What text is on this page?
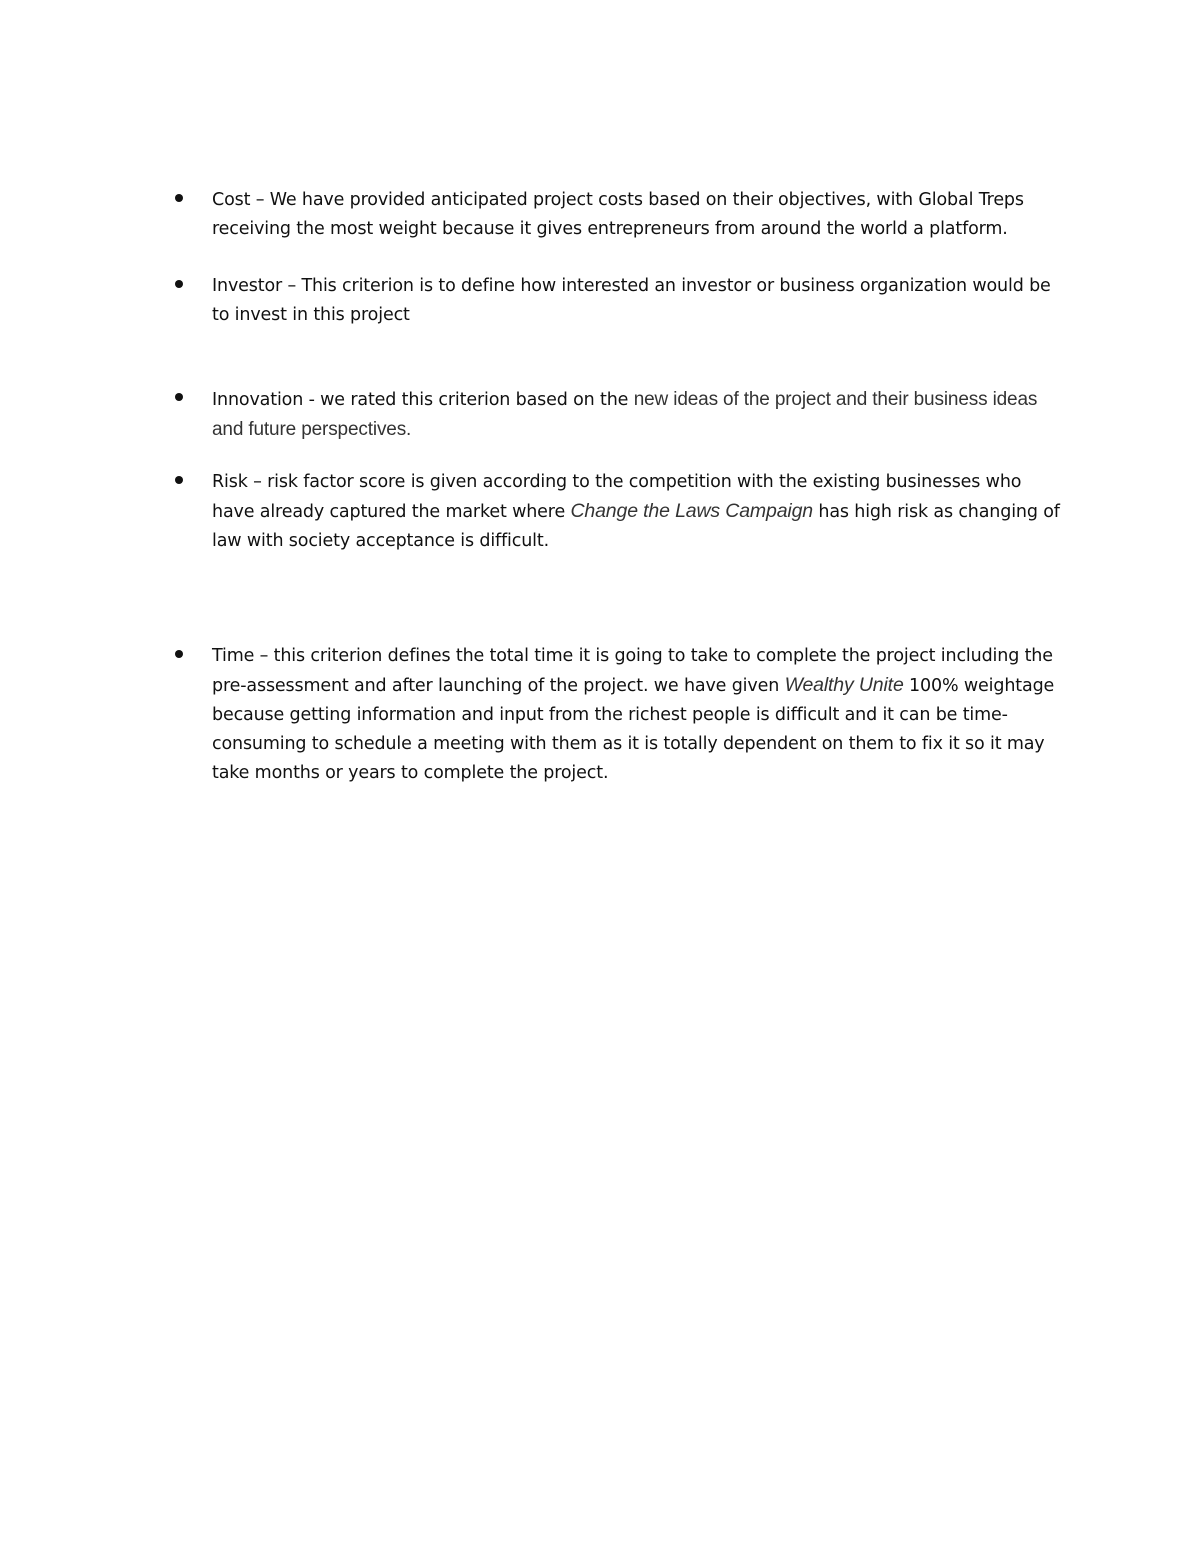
Cost – We have provided anticipated project costs based on their objectives, with Global Treps receiving the most weight because it gives entrepreneurs from around the world a platform.
Investor – This criterion is to define how interested an investor or business organization would be to invest in this project
Innovation - we rated this criterion based on the new ideas of the project and their business ideas and future perspectives.
Risk – risk factor score is given according to the competition with the existing businesses who have already captured the market where Change the Laws Campaign has high risk as changing of law with society acceptance is difficult.
Time – this criterion defines the total time it is going to take to complete the project including the pre-assessment and after launching of the project. we have given Wealthy Unite 100% weightage because getting information and input from the richest people is difficult and it can be time-consuming to schedule a meeting with them as it is totally dependent on them to fix it so it may take months or years to complete the project.
